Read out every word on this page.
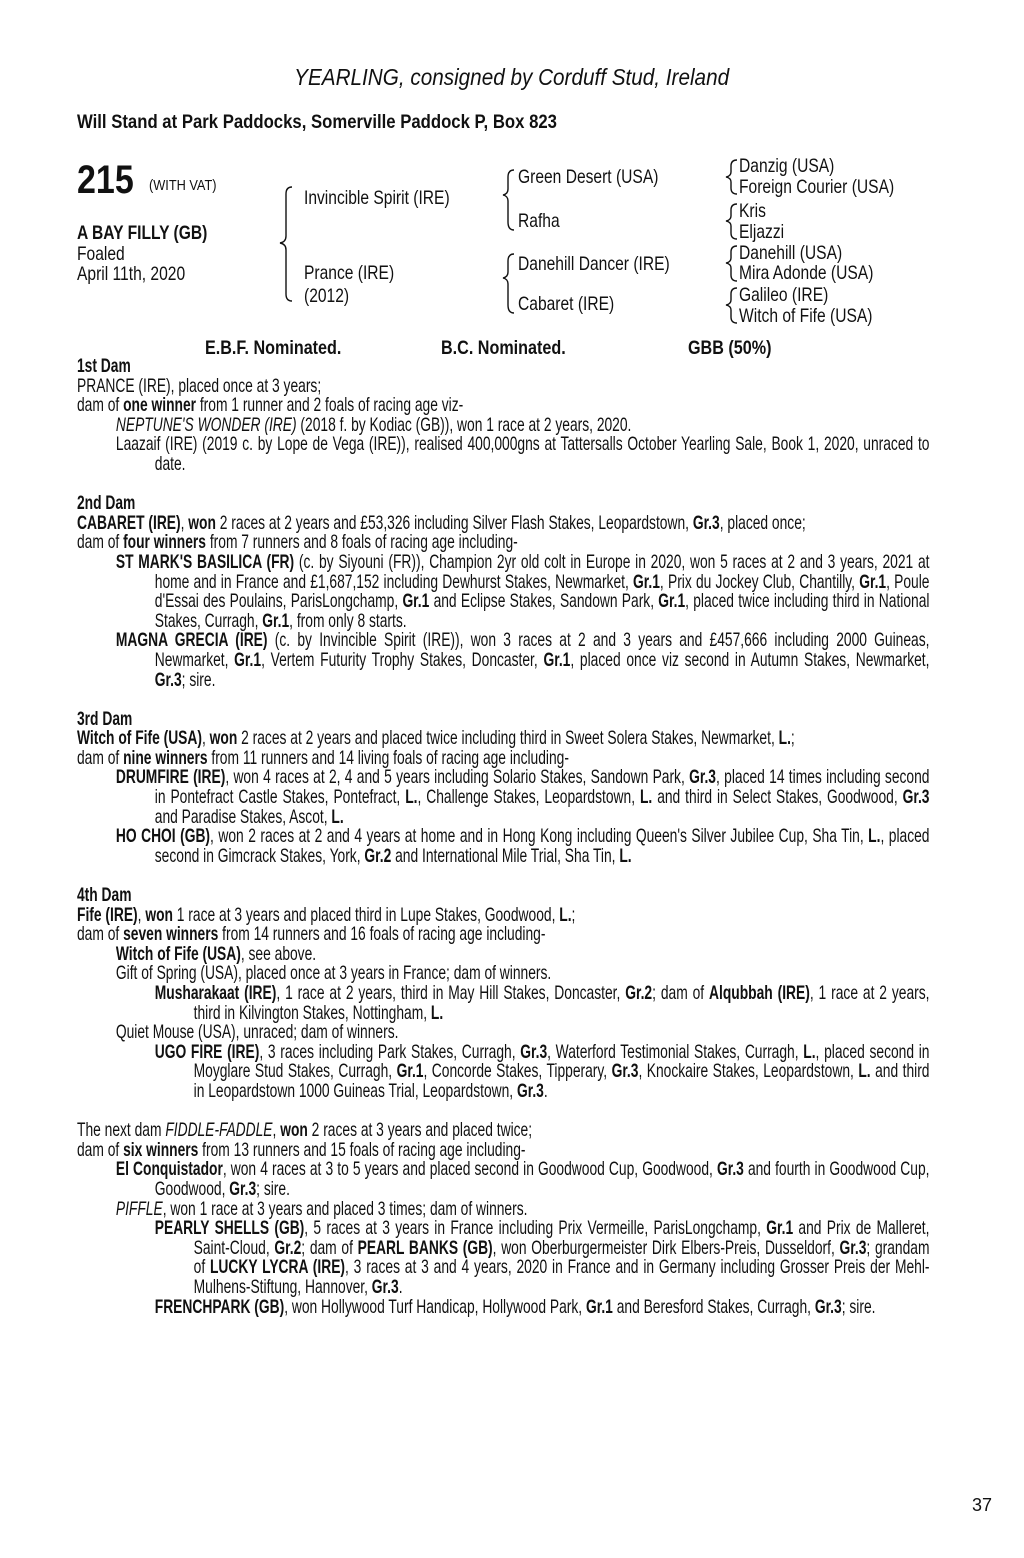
YEARLING, consigned by Corduff Stud, Ireland
Will Stand at Park Paddocks, Somerville Paddock P, Box 823
215 (WITH VAT)
A BAY FILLY (GB)
Foaled
April 11th, 2020
Invincible Spirit (IRE)
Prance (IRE)
(2012)
Green Desert (USA)
Rafha
Danehill Dancer (IRE)
Cabaret (IRE)
Danzig (USA)
Foreign Courier (USA)
Kris
Eljazzi
Danehill (USA)
Mira Adonde (USA)
Galileo (IRE)
Witch of Fife (USA)
E.B.F. Nominated.	B.C. Nominated.	GBB (50%)
1st Dam
PRANCE (IRE), placed once at 3 years;
dam of one winner from 1 runner and 2 foals of racing age viz-
NEPTUNE'S WONDER (IRE) (2018 f. by Kodiac (GB)), won 1 race at 2 years, 2020.
Laazaif (IRE) (2019 c. by Lope de Vega (IRE)), realised 400,000gns at Tattersalls October Yearling Sale, Book 1, 2020, unraced to date.
2nd Dam
CABARET (IRE), won 2 races at 2 years and £53,326 including Silver Flash Stakes, Leopardstown, Gr.3, placed once;
dam of four winners from 7 runners and 8 foals of racing age including-
ST MARK'S BASILICA (FR) (c. by Siyouni (FR)), Champion 2yr old colt in Europe in 2020, won 5 races at 2 and 3 years, 2021 at home and in France and £1,687,152 including Dewhurst Stakes, Newmarket, Gr.1, Prix du Jockey Club, Chantilly, Gr.1, Poule d'Essai des Poulains, ParisLongchamp, Gr.1 and Eclipse Stakes, Sandown Park, Gr.1, placed twice including third in National Stakes, Curragh, Gr.1, from only 8 starts.
MAGNA GRECIA (IRE) (c. by Invincible Spirit (IRE)), won 3 races at 2 and 3 years and £457,666 including 2000 Guineas, Newmarket, Gr.1, Vertem Futurity Trophy Stakes, Doncaster, Gr.1, placed once viz second in Autumn Stakes, Newmarket, Gr.3; sire.
3rd Dam
Witch of Fife (USA), won 2 races at 2 years and placed twice including third in Sweet Solera Stakes, Newmarket, L.;
dam of nine winners from 11 runners and 14 living foals of racing age including-
DRUMFIRE (IRE), won 4 races at 2, 4 and 5 years including Solario Stakes, Sandown Park, Gr.3, placed 14 times including second in Pontefract Castle Stakes, Pontefract, L., Challenge Stakes, Leopardstown, L. and third in Select Stakes, Goodwood, Gr.3 and Paradise Stakes, Ascot, L.
HO CHOI (GB), won 2 races at 2 and 4 years at home and in Hong Kong including Queen's Silver Jubilee Cup, Sha Tin, L., placed second in Gimcrack Stakes, York, Gr.2 and International Mile Trial, Sha Tin, L.
4th Dam
Fife (IRE), won 1 race at 3 years and placed third in Lupe Stakes, Goodwood, L.;
dam of seven winners from 14 runners and 16 foals of racing age including-
Witch of Fife (USA), see above.
Gift of Spring (USA), placed once at 3 years in France; dam of winners.
Musharakaat (IRE), 1 race at 2 years, third in May Hill Stakes, Doncaster, Gr.2; dam of Alqubbah (IRE), 1 race at 2 years, third in Kilvington Stakes, Nottingham, L.
Quiet Mouse (USA), unraced; dam of winners.
UGO FIRE (IRE), 3 races including Park Stakes, Curragh, Gr.3, Waterford Testimonial Stakes, Curragh, L., placed second in Moyglare Stud Stakes, Curragh, Gr.1, Concorde Stakes, Tipperary, Gr.3, Knockaire Stakes, Leopardstown, L. and third in Leopardstown 1000 Guineas Trial, Leopardstown, Gr.3.
The next dam FIDDLE-FADDLE, won 2 races at 3 years and placed twice;
dam of six winners from 13 runners and 15 foals of racing age including-
El Conquistador, won 4 races at 3 to 5 years and placed second in Goodwood Cup, Goodwood, Gr.3 and fourth in Goodwood Cup, Goodwood, Gr.3; sire.
PIFFLE, won 1 race at 3 years and placed 3 times; dam of winners.
PEARLY SHELLS (GB), 5 races at 3 years in France including Prix Vermeille, ParisLongchamp, Gr.1 and Prix de Malleret, Saint-Cloud, Gr.2; dam of PEARL BANKS (GB), won Oberburgermeister Dirk Elbers-Preis, Dusseldorf, Gr.3; grandam of LUCKY LYCRA (IRE), 3 races at 3 and 4 years, 2020 in France and in Germany including Grosser Preis der Mehl-Mulhens-Stiftung, Hannover, Gr.3.
FRENCHPARK (GB), won Hollywood Turf Handicap, Hollywood Park, Gr.1 and Beresford Stakes, Curragh, Gr.3; sire.
37
